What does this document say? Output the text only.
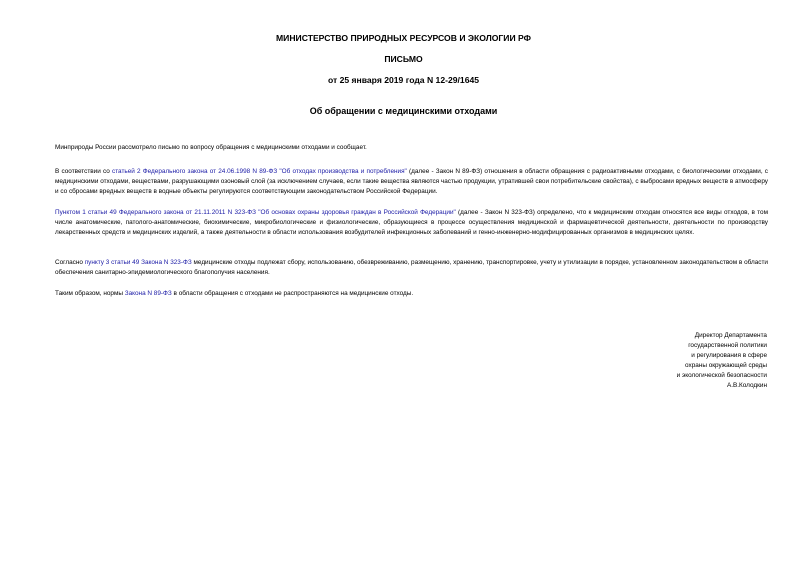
МИНИСТЕРСТВО ПРИРОДНЫХ РЕСУРСОВ И ЭКОЛОГИИ РФ
ПИСЬМО
от 25 января 2019 года N 12-29/1645
Об обращении с медицинскими отходами

Минприроды России рассмотрело письмо по вопросу обращения с медицинскими отходами и сообщает.

В соответствии со статьей 2 Федерального закона от 24.06.1998 N 89-ФЗ "Об отходах производства и потребления" (далее - Закон N 89-ФЗ) отношения в области обращения с радиоактивными отходами, с биологическими отходами, с медицинскими отходами, веществами, разрушающими озоновый слой (за исключением случаев, если такие вещества являются частью продукции, утратившей свои потребительские свойства), с выбросами вредных веществ в атмосферу и со сбросами вредных веществ в водные объекты регулируются соответствующим законодательством Российской Федерации.

Пунктом 1 статьи 49 Федерального закона от 21.11.2011 N 323-ФЗ "Об основах охраны здоровья граждан в Российской Федерации" (далее - Закон N 323-ФЗ) определено, что к медицинским отходам относятся все виды отходов, в том числе анатомические, патолого-анатомические, биохимические, микробиологические и физиологические, образующиеся в процессе осуществления медицинской и фармацевтической деятельности, деятельности по производству лекарственных средств и медицинских изделий, а также деятельности в области использования возбудителей инфекционных заболеваний и генно-инженерно-модифицированных организмов в медицинских целях.

Согласно пункту 3 статьи 49 Закона N 323-ФЗ медицинские отходы подлежат сбору, использованию, обезвреживанию, размещению, хранению, транспортировке, учету и утилизации в порядке, установленном законодательством в области обеспечения санитарно-эпидемиологического благополучия населения.

Таким образом, нормы Закона N 89-ФЗ в области обращения с отходами не распространяются на медицинские отходы.

Директор Департамента
государственной политики
и регулирования в сфере
охраны окружающей среды
и экологической безопасности
А.В.Колодкин
